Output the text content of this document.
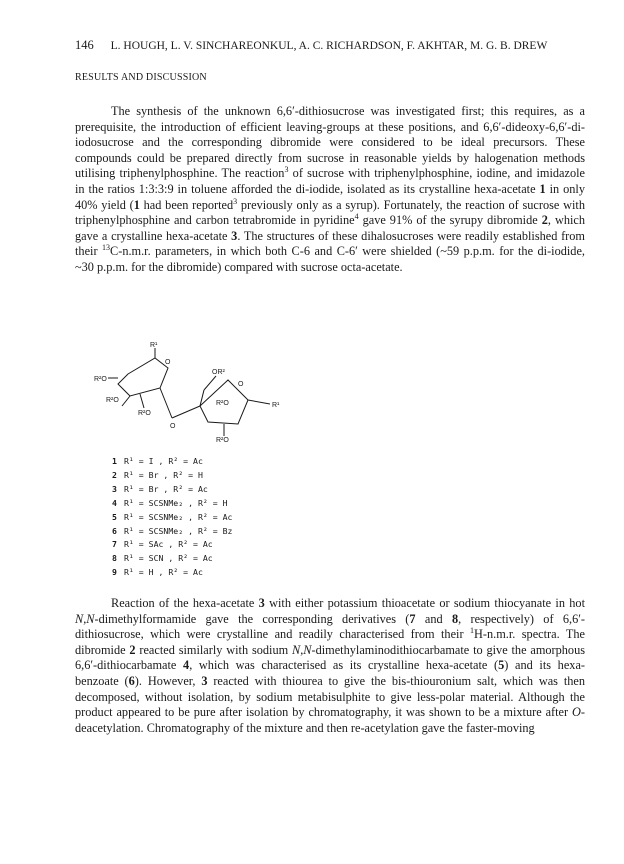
146 L. HOUGH, L. V. SINCHAREONKUL, A. C. RICHARDSON, F. AKHTAR, M. G. B. DREW
RESULTS AND DISCUSSION

The synthesis of the unknown 6,6′-dithiosucrose was investigated first; this requires, as a prerequisite, the introduction of efficient leaving-groups at these positions, and 6,6′-dideoxy-6,6′-di-iodosucrose and the corresponding dibromide were considered to be ideal precursors. These compounds could be prepared directly from sucrose in reasonable yields by halogenation methods utilising triphenylphosphine. The reaction$^3$ of sucrose with triphenylphosphine, iodine, and imidazole in the ratios 1:3:3:9 in toluene afforded the di-iodide, isolated as its crystalline hexa-acetate 1 in only 40% yield (1 had been reported$^3$ previously only as a syrup). Fortunately, the reaction of sucrose with triphenylphosphine and carbon tetrabromide in pyridine$^4$ gave 91% of the syrupy dibromide 2, which gave a crystalline hexa-acetate 3. The structures of these dihalosucroses were readily established from their $^{13}$C-n.m.r. parameters, in which both C-6 and C-6′ were shielded (~59 p.p.m. for the di-iodide, ~30 p.p.m. for the dibromide) compared with sucrose octa-acetate.

R¹
R²O
R²O
O
R²O
O
OR²
O
R²O	R¹
R²O
1 R¹ = I , R² = Ac
2 R¹ = Br , R² = H
3 R¹ = Br , R² = Ac
4 R¹ = SCSNMe₂ , R² = H
5 R¹ = SCSNMe₂ , R² = Ac
6 R¹ = SCSNMe₂ , R² = Bz
7 R¹ = SAc , R² = Ac
8 R¹ = SCN , R² = Ac
9 R¹ = H , R² = Ac

Reaction of the hexa-acetate 3 with either potassium thioacetate or sodium thiocyanate in hot N,N-dimethylformamide gave the corresponding derivatives (7 and 8, respectively) of 6,6′-dithiosucrose, which were crystalline and readily characterised from their $^1$H-n.m.r. spectra. The dibromide 2 reacted similarly with sodium N,N-dimethylaminodithiocarbamate to give the amorphous 6,6′-dithiocarbamate 4, which was characterised as its crystalline hexa-acetate (5) and its hexa-benzoate (6). However, 3 reacted with thiourea to give the bis-thiouronium salt, which was then decomposed, without isolation, by sodium metabisulphite to give less-polar material. Although the product appeared to be pure after isolation by chromatography, it was shown to be a mixture after O-deacetylation. Chromatography of the mixture and then re-acetylation gave the faster-moving
